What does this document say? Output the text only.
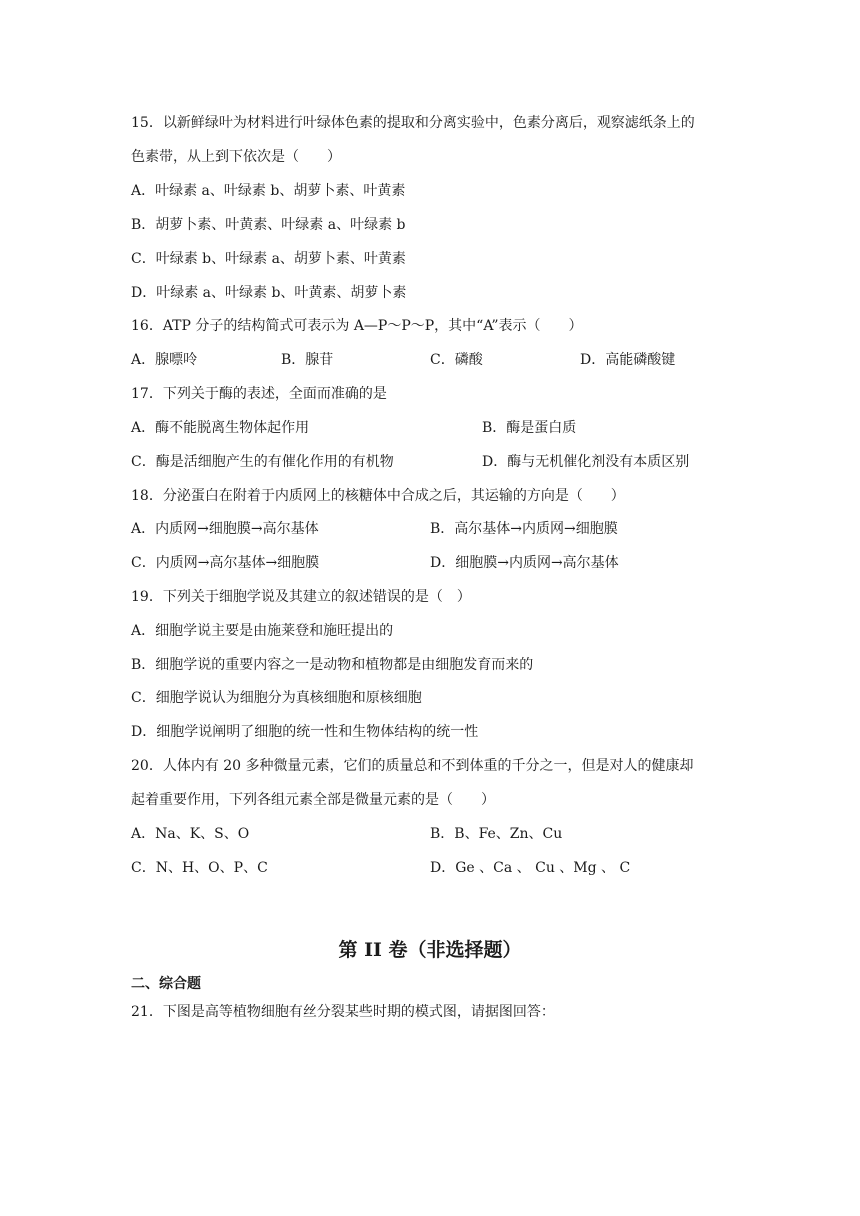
15．以新鲜绿叶为材料进行叶绿体色素的提取和分离实验中，色素分离后，观察滤纸条上的
色素带，从上到下依次是（　　）
A．叶绿素 a、叶绿素 b、胡萝卜素、叶黄素
B．胡萝卜素、叶黄素、叶绿素 a、叶绿素 b
C．叶绿素 b、叶绿素 a、胡萝卜素、叶黄素
D．叶绿素 a、叶绿素 b、叶黄素、胡萝卜素
16．ATP 分子的结构简式可表示为 A—P～P～P，其中“A”表示（　　）
A．腺嘌呤	B．腺苷	C．磷酸	D．高能磷酸键
17．下列关于酶的表述，全面而准确的是
A．酶不能脱离生物体起作用	B．酶是蛋白质
C．酶是活细胞产生的有催化作用的有机物	D．酶与无机催化剂没有本质区别
18．分泌蛋白在附着于内质网上的核糖体中合成之后，其运输的方向是（　　）
A．内质网→细胞膜→高尔基体	B．高尔基体→内质网→细胞膜
C．内质网→高尔基体→细胞膜	D．细胞膜→内质网→高尔基体
19．下列关于细胞学说及其建立的叙述错误的是（　）
A．细胞学说主要是由施莱登和施旺提出的
B．细胞学说的重要内容之一是动物和植物都是由细胞发育而来的
C．细胞学说认为细胞分为真核细胞和原核细胞
D．细胞学说阐明了细胞的统一性和生物体结构的统一性
20．人体内有 20 多种微量元素，它们的质量总和不到体重的千分之一，但是对人的健康却
起着重要作用，下列各组元素全部是微量元素的是（　　）
A．Na、K、S、O	B．B、Fe、Zn、Cu
C．N、H、O、P、C	D．Ge 、Ca 、 Cu 、Mg 、 C
第 II 卷（非选择题）
二、综合题
21．下图是高等植物细胞有丝分裂某些时期的模式图，请据图回答：
